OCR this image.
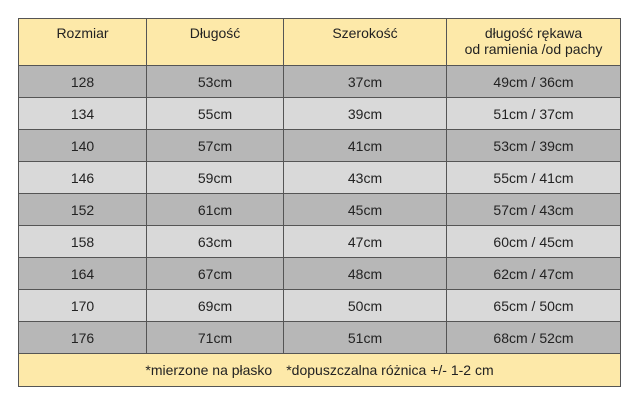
Rozmiar	Długość	Szerokość	długość rękawa
od ramienia /od pachy

128	53cm	37cm	49cm / 36cm
134	55cm	39cm	51cm / 37cm
140	57cm	41cm	53cm / 39cm
146	59cm	43cm	55cm / 41cm
152	61cm	45cm	57cm / 43cm
158	63cm	47cm	60cm / 45cm
164	67cm	48cm	62cm / 47cm
170	69cm	50cm	65cm / 50cm
176	71cm	51cm	68cm / 52cm
*mierzone na płasko *dopuszczalna różnica +/- 1-2 cm			
